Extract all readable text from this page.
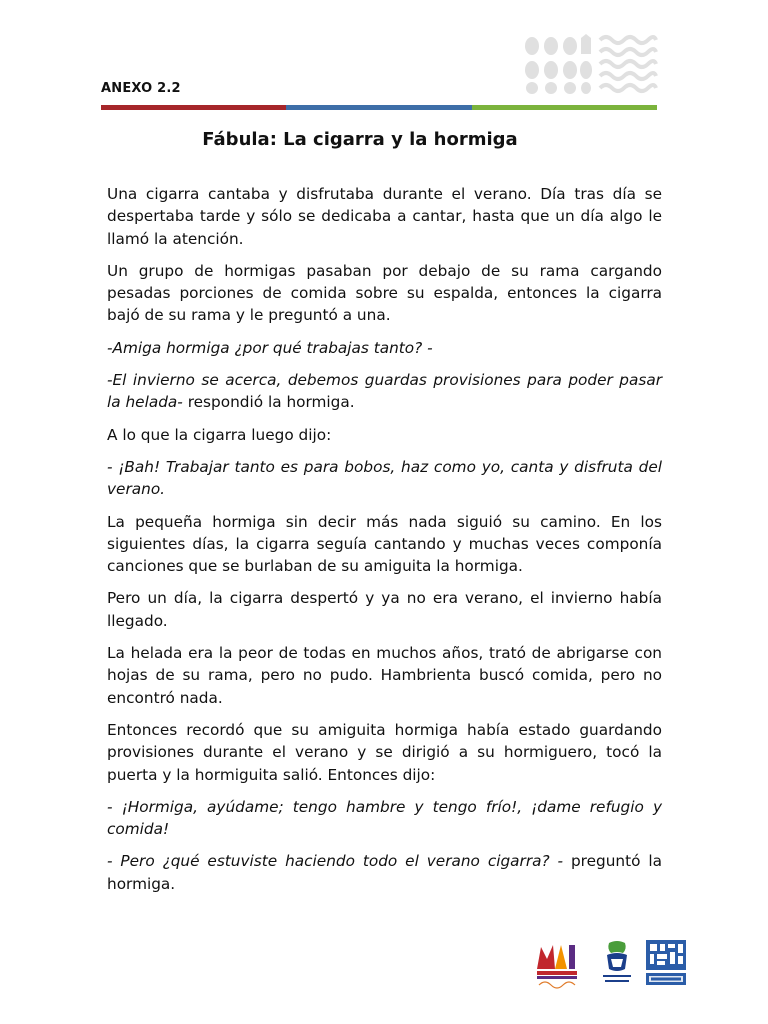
ANEXO 2.2
Fábula: La cigarra y la hormiga

Una cigarra cantaba y disfrutaba durante el verano. Día tras día se despertaba tarde y sólo se dedicaba a cantar, hasta que un día algo le llamó la atención.

Un grupo de hormigas pasaban por debajo de su rama cargando pesadas porciones de comida sobre su espalda, entonces la cigarra bajó de su rama y le preguntó a una.

-Amiga hormiga ¿por qué trabajas tanto? -

-El invierno se acerca, debemos guardas provisiones para poder pasar la helada- respondió la hormiga.

A lo que la cigarra luego dijo:

- ¡Bah! Trabajar tanto es para bobos, haz como yo, canta y disfruta del verano.

La pequeña hormiga sin decir más nada siguió su camino. En los siguientes días, la cigarra seguía cantando y muchas veces componía canciones que se burlaban de su amiguita la hormiga.

Pero un día, la cigarra despertó y ya no era verano, el invierno había llegado.

La helada era la peor de todas en muchos años, trató de abrigarse con hojas de su rama, pero no pudo. Hambrienta buscó comida, pero no encontró nada.

Entonces recordó que su amiguita hormiga había estado guardando provisiones durante el verano y se dirigió a su hormiguero, tocó la puerta y la hormiguita salió. Entonces dijo:

- ¡Hormiga, ayúdame; tengo hambre y tengo frío!, ¡dame refugio y comida!

- Pero ¿qué estuviste haciendo todo el verano cigarra? - preguntó la hormiga.
